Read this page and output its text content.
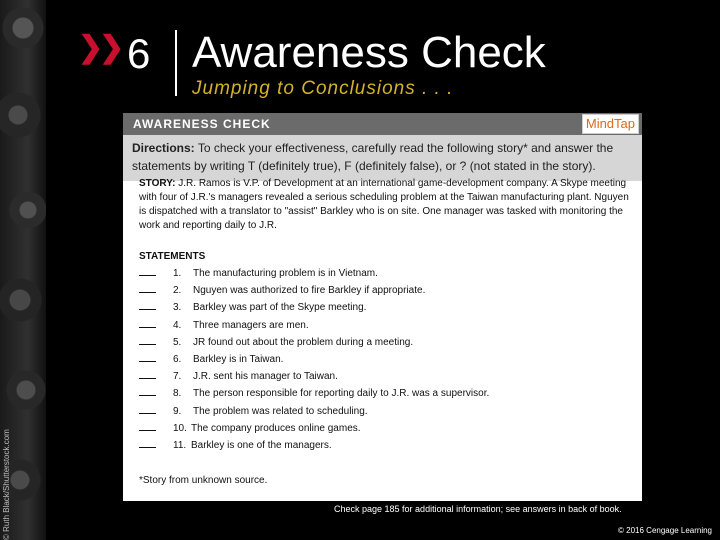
© Ruth Black/Shutterstock.com
❯❯ 6 Awareness Check
Jumping to Conclusions . . .
AWARENESS CHECK	MindTap
Directions: To check your effectiveness, carefully read the following story* and answer the statements by writing T (definitely true), F (definitely false), or ? (not stated in the story).
STORY: J.R. Ramos is V.P. of Development at an international game-development company. A Skype meeting with four of J.R.'s managers revealed a serious scheduling problem at the Taiwan manufacturing plant. Nguyen is dispatched with a translator to "assist" Barkley who is on site. One manager was tasked with monitoring the work and reporting daily to J.R.
STATEMENTS
1. The manufacturing problem is in Vietnam.
2. Nguyen was authorized to fire Barkley if appropriate.
3. Barkley was part of the Skype meeting.
4. Three managers are men.
5. JR found out about the problem during a meeting.
6. Barkley is in Taiwan.
7. J.R. sent his manager to Taiwan.
8. The person responsible for reporting daily to J.R. was a supervisor.
9. The problem was related to scheduling.
10. The company produces online games.
11. Barkley is one of the managers.
*Story from unknown source.
Check page 185 for additional information; see answers in back of book.
© 2016 Cengage Learning
